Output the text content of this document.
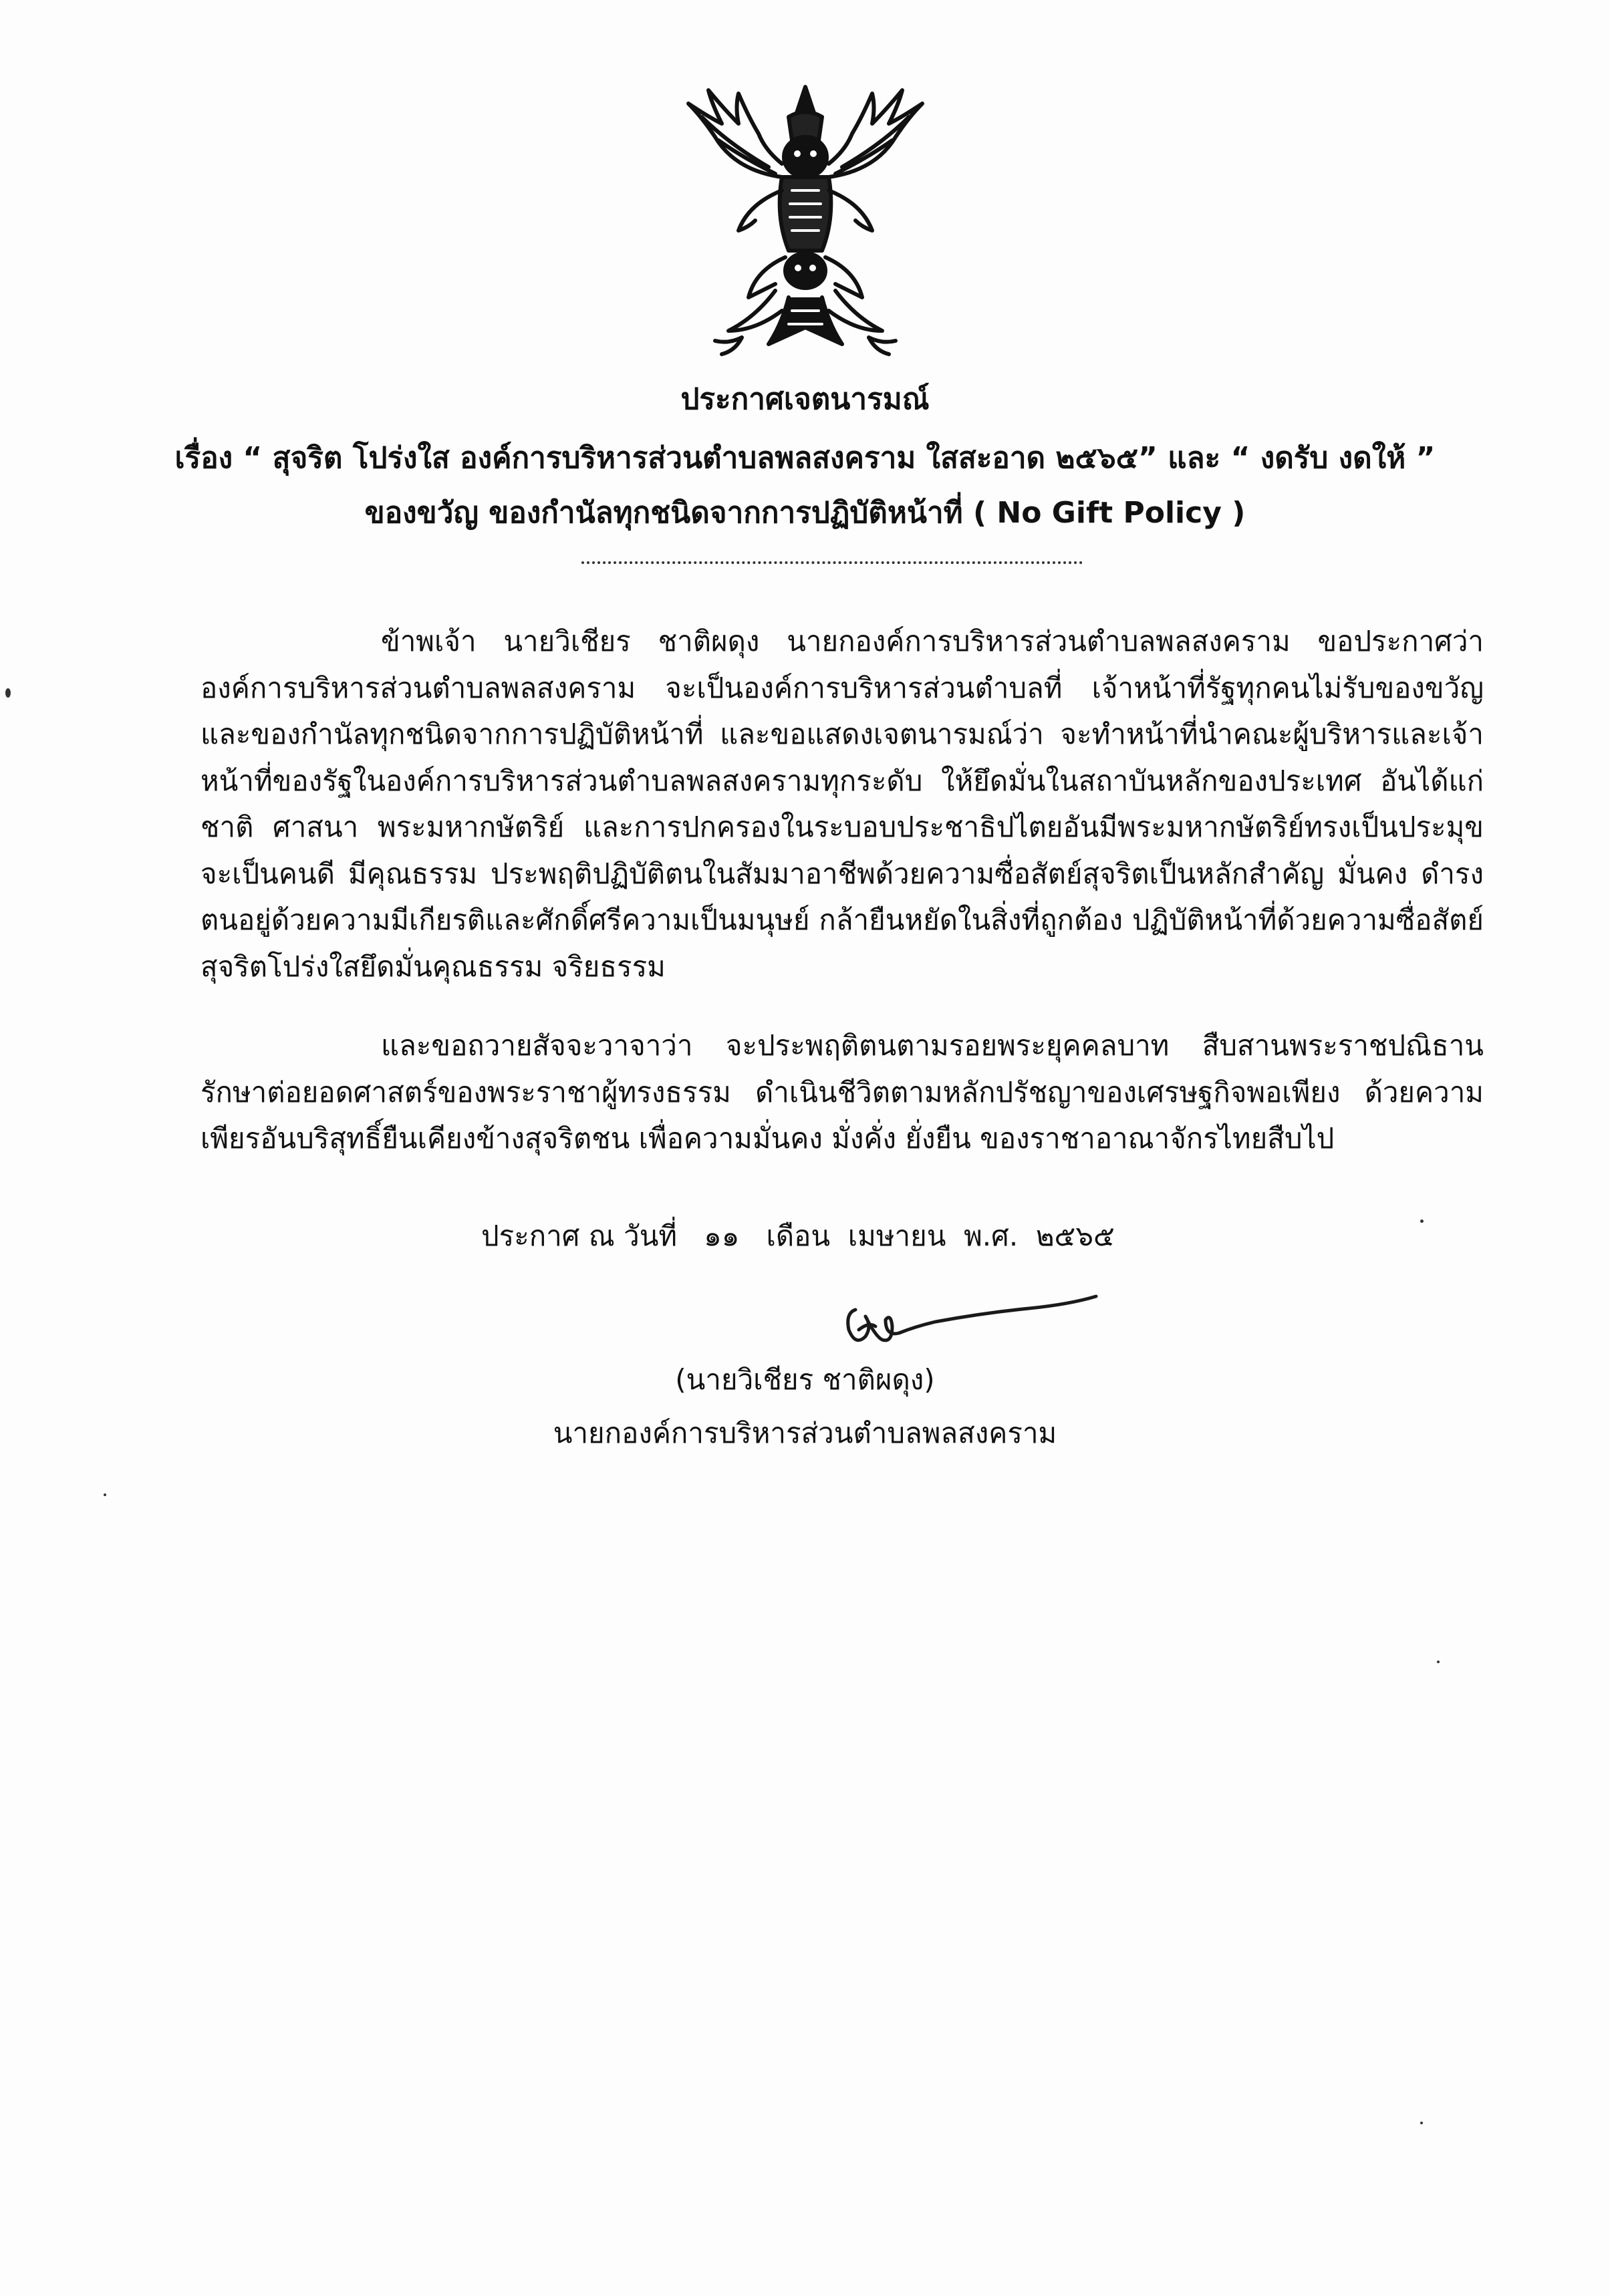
ประกาศเจตนารมณ์
เรื่อง “ สุจริต โปร่งใส องค์การบริหารส่วนตำบลพลสงคราม ใสสะอาด ๒๕๖๕” และ “ งดรับ งดให้ ”
ของขวัญ ของกำนัลทุกชนิดจากการปฏิบัติหน้าที่ ( No Gift Policy )
ข้าพเจ้า นายวิเชียร ชาติผดุง นายกองค์การบริหารส่วนตำบลพลสงคราม ขอประกาศว่า องค์การบริหารส่วนตำบลพลสงคราม จะเป็นองค์การบริหารส่วนตำบลที่ เจ้าหน้าที่รัฐทุกคนไม่รับของขวัญและของกำนัลทุกชนิดจากการปฏิบัติหน้าที่ และขอแสดงเจตนารมณ์ว่า จะทำหน้าที่นำคณะผู้บริหารและเจ้าหน้าที่ของรัฐในองค์การบริหารส่วนตำบลพลสงครามทุกระดับ ให้ยึดมั่นในสถาบันหลักของประเทศ อันได้แก่ ชาติ ศาสนา พระมหากษัตริย์ และการปกครองในระบอบประชาธิปไตยอันมีพระมหากษัตริย์ทรงเป็นประมุข จะเป็นคนดี มีคุณธรรม ประพฤติปฏิบัติตนในสัมมาอาชีพด้วยความซื่อสัตย์สุจริตเป็นหลักสำคัญ มั่นคง ดำรงตนอยู่ด้วยความมีเกียรติและศักดิ์ศรีความเป็นมนุษย์ กล้ายืนหยัดในสิ่งที่ถูกต้อง ปฏิบัติหน้าที่ด้วยความซื่อสัตย์ สุจริตโปร่งใสยึดมั่นคุณธรรม จริยธรรม
และขอถวายสัจจะวาจาว่า จะประพฤติตนตามรอยพระยุคคลบาท สืบสานพระราชปณิธาน รักษาต่อยอดศาสตร์ของพระราชาผู้ทรงธรรม ดำเนินชีวิตตามหลักปรัชญาของเศรษฐกิจพอเพียง ด้วยความเพียรอันบริสุทธิ์ยืนเคียงข้างสุจริตชน เพื่อความมั่นคง มั่งคั่ง ยั่งยืน ของราชาอาณาจักรไทยสืบไป
ประกาศ ณ วันที่   ๑๑   เดือน  เมษายน  พ.ศ.  ๒๕๖๕
(นายวิเชียร ชาติผดุง)
นายกองค์การบริหารส่วนตำบลพลสงคราม
